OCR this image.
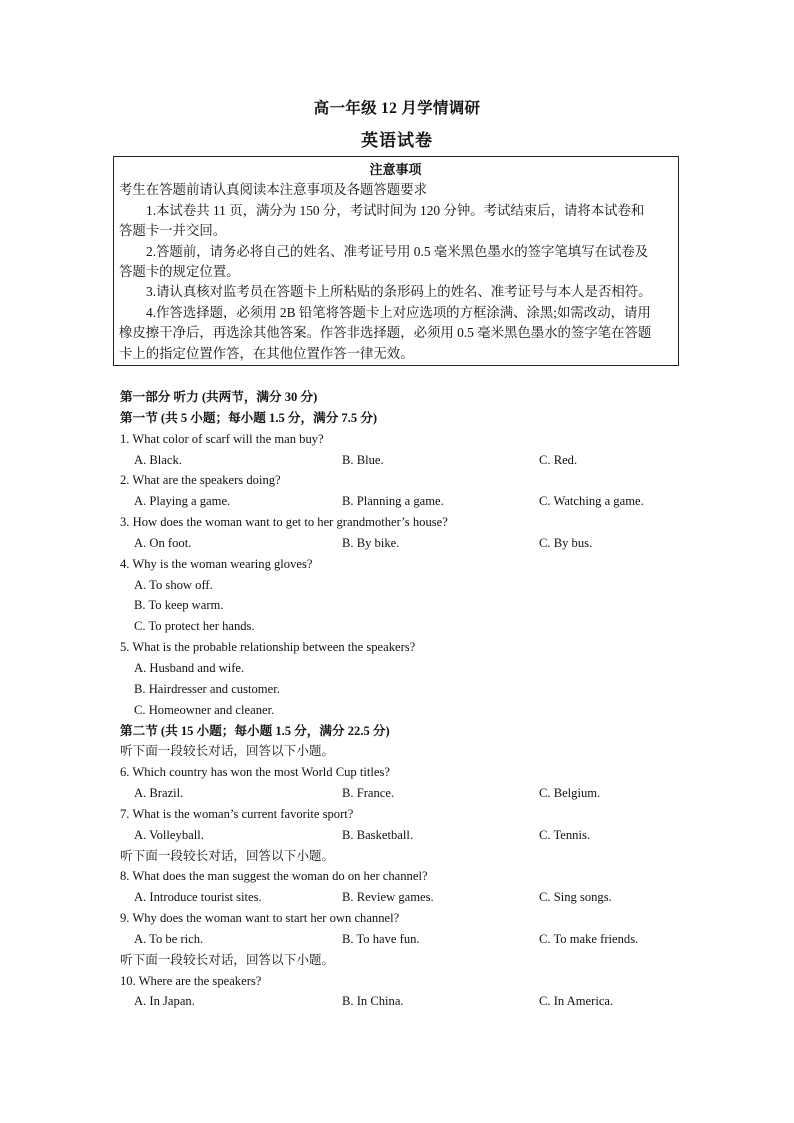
高一年级 12 月学情调研
英语试卷

注意事项

考生在答题前请认真阅读本注意事项及各题答题要求

1.本试卷共 11 页，满分为 150 分，考试时间为 120 分钟。考试结束后，请将本试卷和

答题卡一并交回。

2.答题前，请务必将自己的姓名、准考证号用 0.5 毫米黑色墨水的签字笔填写在试卷及

答题卡的规定位置。

3.请认真核对监考员在答题卡上所粘贴的条形码上的姓名、准考证号与本人是否相符。

4.作答选择题，必须用 2B 铅笔将答题卡上对应选项的方框涂满、涂黑;如需改动，请用

橡皮擦干净后，再选涂其他答案。作答非选择题，必须用 0.5 毫米黑色墨水的签字笔在答题

卡上的指定位置作答，在其他位置作答一律无效。

第一部分 听力 (共两节，满分 30 分)
第一节 (共 5 小题；每小题 1.5 分，满分 7.5 分)
1. What color of scarf will the man buy?
A. Black.	B. Blue.	C. Red.
2. What are the speakers doing?
A. Playing a game.	B. Planning a game.	C. Watching a game.
3. How does the woman want to get to her grandmother’s house?
A. On foot.	B. By bike.	C. By bus.
4. Why is the woman wearing gloves?
A. To show off.
B. To keep warm.
C. To protect her hands.
5. What is the probable relationship between the speakers?
A. Husband and wife.
B. Hairdresser and customer.
C. Homeowner and cleaner.
第二节 (共 15 小题；每小题 1.5 分，满分 22.5 分)
听下面一段较长对话，回答以下小题。
6. Which country has won the most World Cup titles?
A. Brazil.	B. France.	C. Belgium.
7. What is the woman’s current favorite sport?
A. Volleyball.	B. Basketball.	C. Tennis.
听下面一段较长对话，回答以下小题。
8. What does the man suggest the woman do on her channel?
A. Introduce tourist sites.	B. Review games.	C. Sing songs.
9. Why does the woman want to start her own channel?
A. To be rich.	B. To have fun.	C. To make friends.
听下面一段较长对话，回答以下小题。
10. Where are the speakers?
A. In Japan.	B. In China.	C. In America.
